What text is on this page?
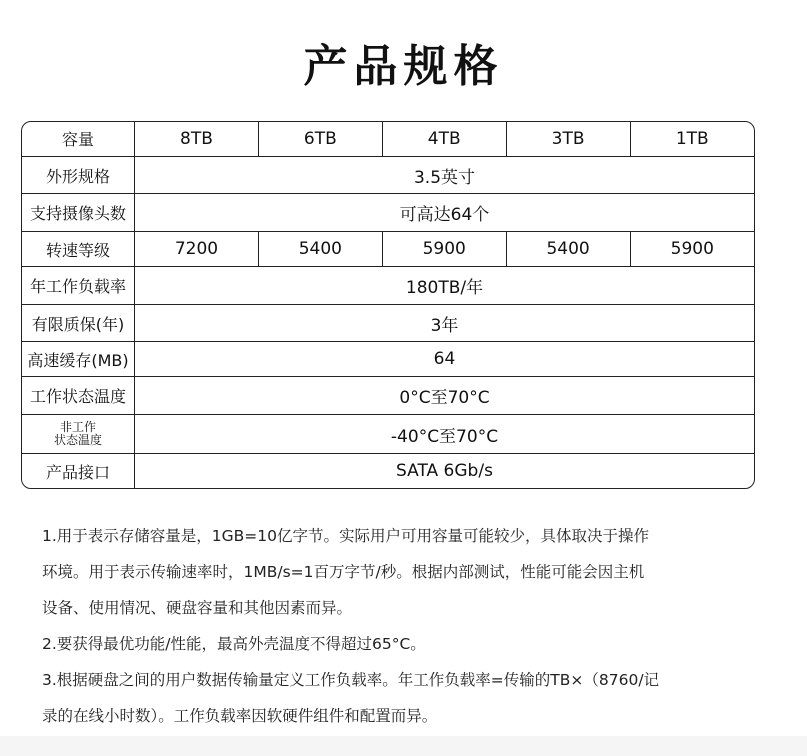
产品规格
容量	8TB	6TB	4TB	3TB	1TB
外形规格	3.5英寸				
支持摄像头数	可高达64个				
转速等级	7200	5400	5900	5400	5900
年工作负载率	180TB/年				
有限质保(年)	3年				
高速缓存(MB)	64				
工作状态温度	0°C至70°C				
非工作
状态温度	-40°C至70°C				
产品接口	SATA 6Gb/s				

1.用于表示存储容量是，1GB=10亿字节。实际用户可用容量可能较少，具体取决于操作

环境。用于表示传输速率时，1MB/s=1百万字节/秒。根据内部测试，性能可能会因主机

设备、使用情况、硬盘容量和其他因素而异。

2.要获得最优功能/性能，最高外壳温度不得超过65°C。

3.根据硬盘之间的用户数据传输量定义工作负载率。年工作负载率=传输的TB×（8760/记

录的在线小时数）。工作负载率因软硬件组件和配置而异。
